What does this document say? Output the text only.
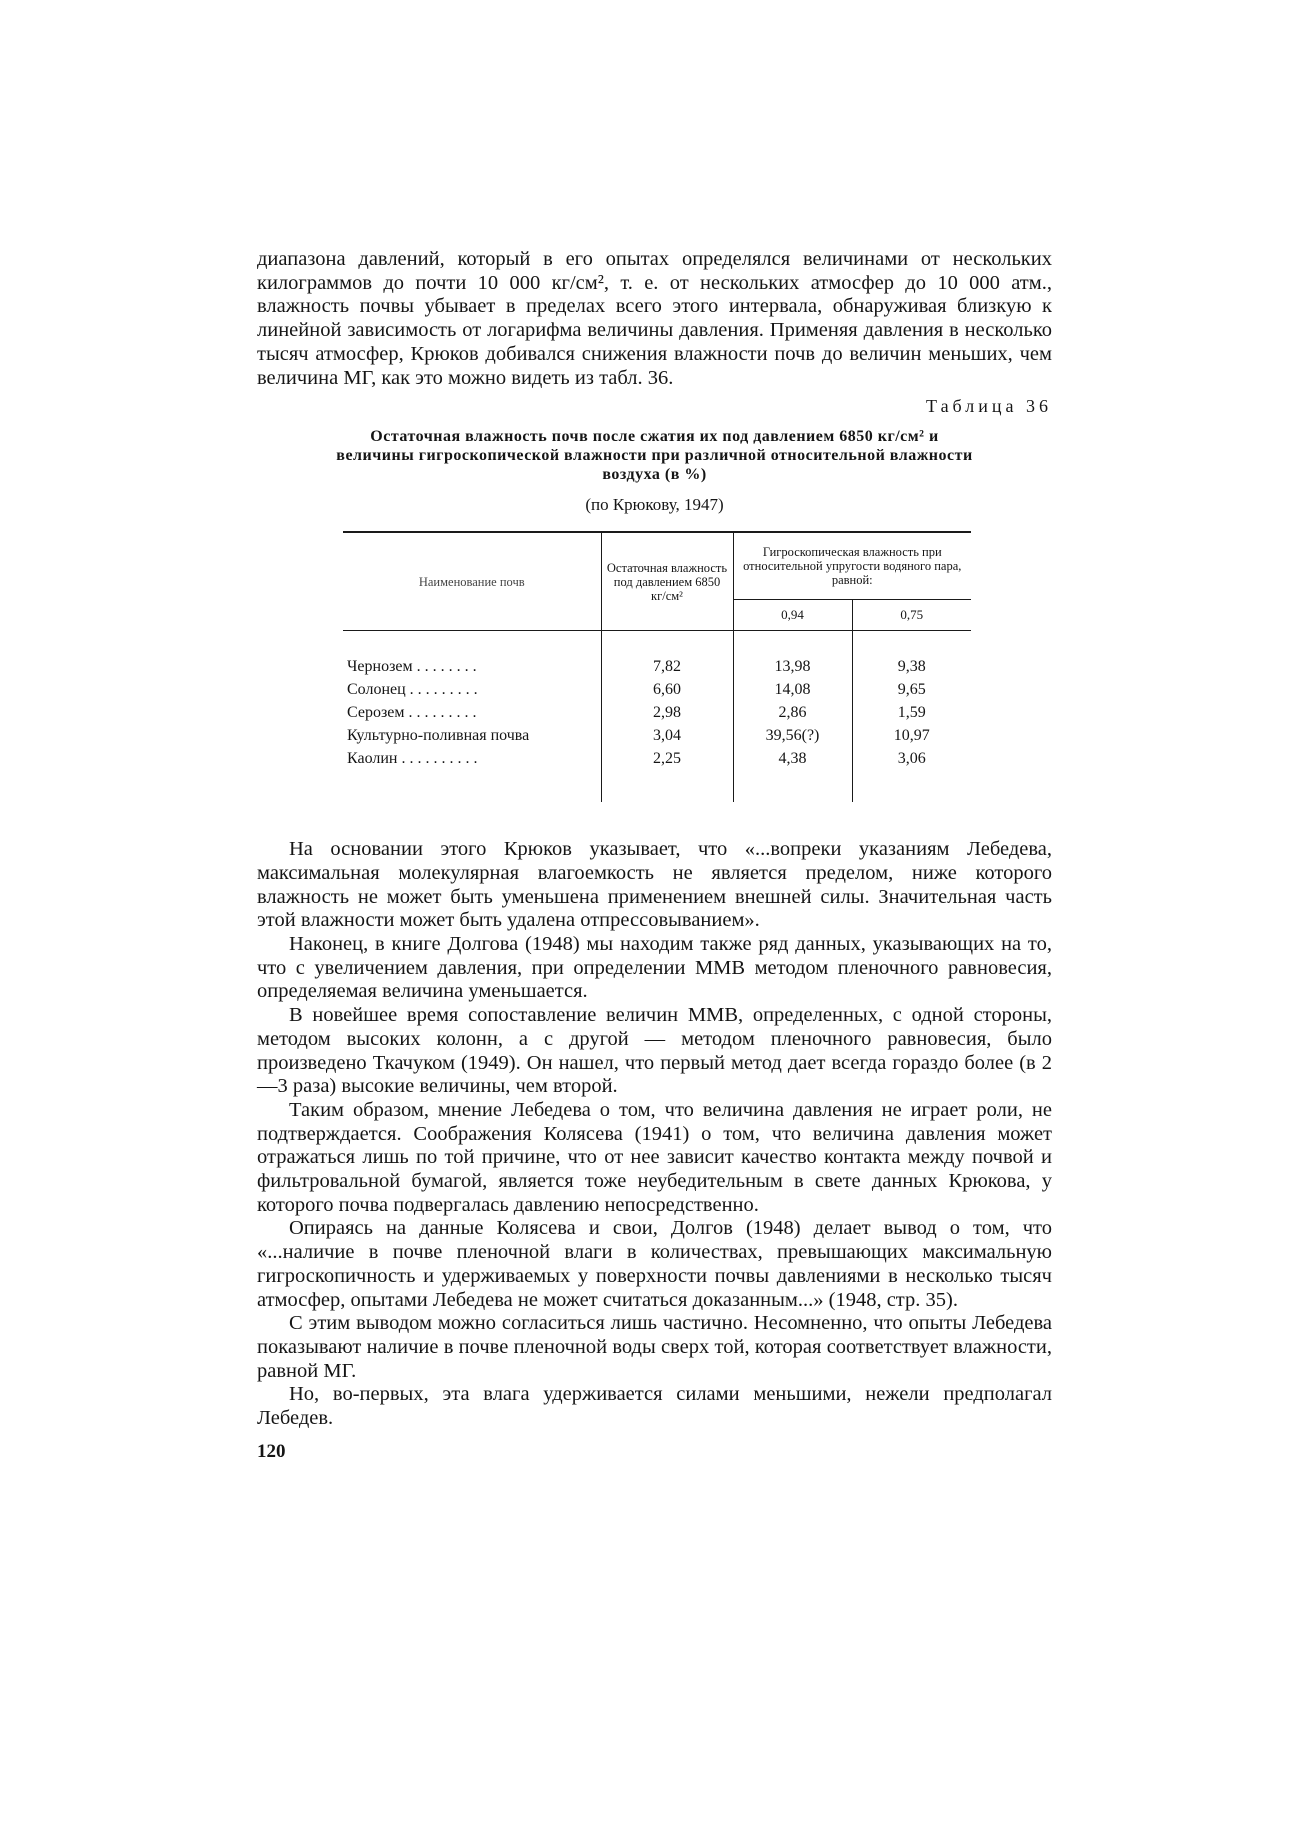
диапазона давлений, который в его опытах определялся величинами от нескольких килограммов до почти 10 000 кг/см², т. е. от нескольких атмосфер до 10 000 атм., влажность почвы убывает в пределах всего этого интервала, обнаруживая близкую к линейной зависимость от логарифма величины давления. Применяя давления в несколько тысяч атмосфер, Крюков добивался снижения влажности почв до величин меньших, чем величина МГ, как это можно видеть из табл. 36.

Таблица 36
Остаточная влажность почв после сжатия их под давлением 6850 кг/см² и величины гигроскопической влажности при различной относительной влажности воздуха (в %)
(по Крюкову, 1947)
Наименование почв	Остаточная влажность под давлением 6850 кг/см²	Гигроскопическая влажность при относительной упругости водяного пара, равной:	
		0,94	0,75

Чернозем . . . . . . . .	7,82	13,98	9,38
Солонец . . . . . . . . .	6,60	14,08	9,65
Серозем . . . . . . . . .	2,98	2,86	1,59
Культурно-поливная почва	3,04	39,56(?)	10,97
Каолин . . . . . . . . . .	2,25	4,38	3,06

На основании этого Крюков указывает, что «...вопреки указаниям Лебедева, максимальная молекулярная влагоемкость не является пределом, ниже которого влажность не может быть уменьшена применением внешней силы. Значительная часть этой влажности может быть удалена отпрессовыванием».

Наконец, в книге Долгова (1948) мы находим также ряд данных, указывающих на то, что с увеличением давления, при определении ММВ методом пленочного равновесия, определяемая величина уменьшается.

В новейшее время сопоставление величин ММВ, определенных, с одной стороны, методом высоких колонн, а с другой — методом пленочного равновесия, было произведено Ткачуком (1949). Он нашел, что первый метод дает всегда гораздо более (в 2—3 раза) высокие величины, чем второй.

Таким образом, мнение Лебедева о том, что величина давления не играет роли, не подтверждается. Соображения Колясева (1941) о том, что величина давления может отражаться лишь по той причине, что от нее зависит качество контакта между почвой и фильтровальной бумагой, является тоже неубедительным в свете данных Крюкова, у которого почва подвергалась давлению непосредственно.

Опираясь на данные Колясева и свои, Долгов (1948) делает вывод о том, что «...наличие в почве пленочной влаги в количествах, превышающих максимальную гигроскопичность и удерживаемых у поверхности почвы давлениями в несколько тысяч атмосфер, опытами Лебедева не может считаться доказанным...» (1948, стр. 35).

С этим выводом можно согласиться лишь частично. Несомненно, что опыты Лебедева показывают наличие в почве пленочной воды сверх той, которая соответствует влажности, равной МГ.

Но, во-первых, эта влага удерживается силами меньшими, нежели предполагал Лебедев.

120
